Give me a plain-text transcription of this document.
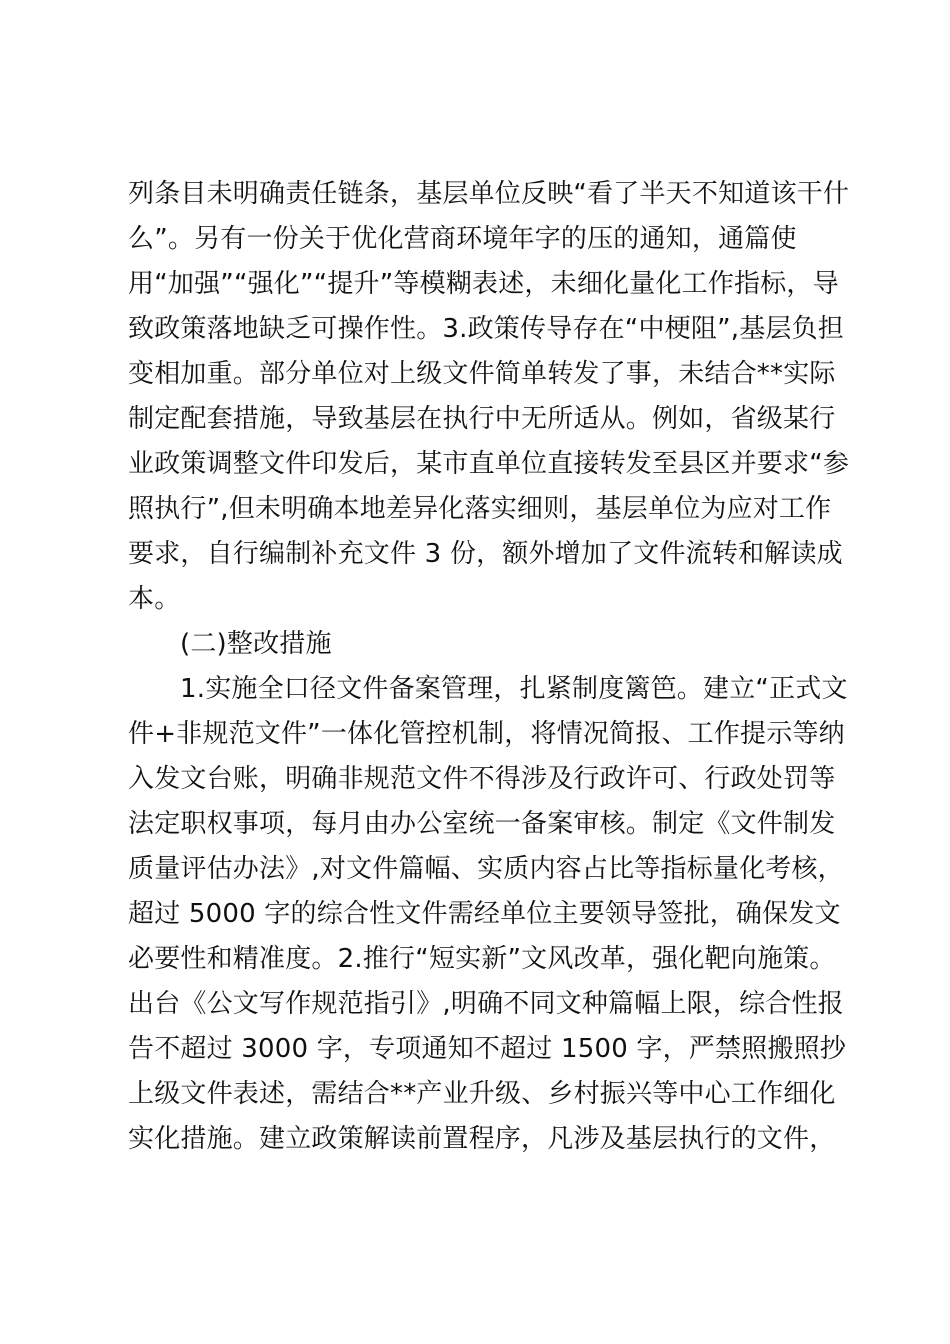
列条目未明确责任链条，基层单位反映“看了半天不知道该干什
么”。另有一份关于优化营商环境年字的压的通知，通篇使
用“加强”“强化”“提升”等模糊表述，未细化量化工作指标，导
致政策落地缺乏可操作性。3.政策传导存在“中梗阻”,基层负担
变相加重。部分单位对上级文件简单转发了事，未结合**实际
制定配套措施，导致基层在执行中无所适从。例如，省级某行
业政策调整文件印发后，某市直单位直接转发至县区并要求“参
照执行”,但未明确本地差异化落实细则，基层单位为应对工作
要求，自行编制补充文件 3 份，额外增加了文件流转和解读成
本。
(二)整改措施
1.实施全口径文件备案管理，扎紧制度篱笆。建立“正式文
件+非规范文件”一体化管控机制，将情况简报、工作提示等纳
入发文台账，明确非规范文件不得涉及行政许可、行政处罚等
法定职权事项，每月由办公室统一备案审核。制定《文件制发
质量评估办法》,对文件篇幅、实质内容占比等指标量化考核，
超过 5000 字的综合性文件需经单位主要领导签批，确保发文
必要性和精准度。2.推行“短实新”文风改革，强化靶向施策。
出台《公文写作规范指引》,明确不同文种篇幅上限，综合性报
告不超过 3000 字，专项通知不超过 1500 字，严禁照搬照抄
上级文件表述，需结合**产业升级、乡村振兴等中心工作细化
实化措施。建立政策解读前置程序，凡涉及基层执行的文件，
